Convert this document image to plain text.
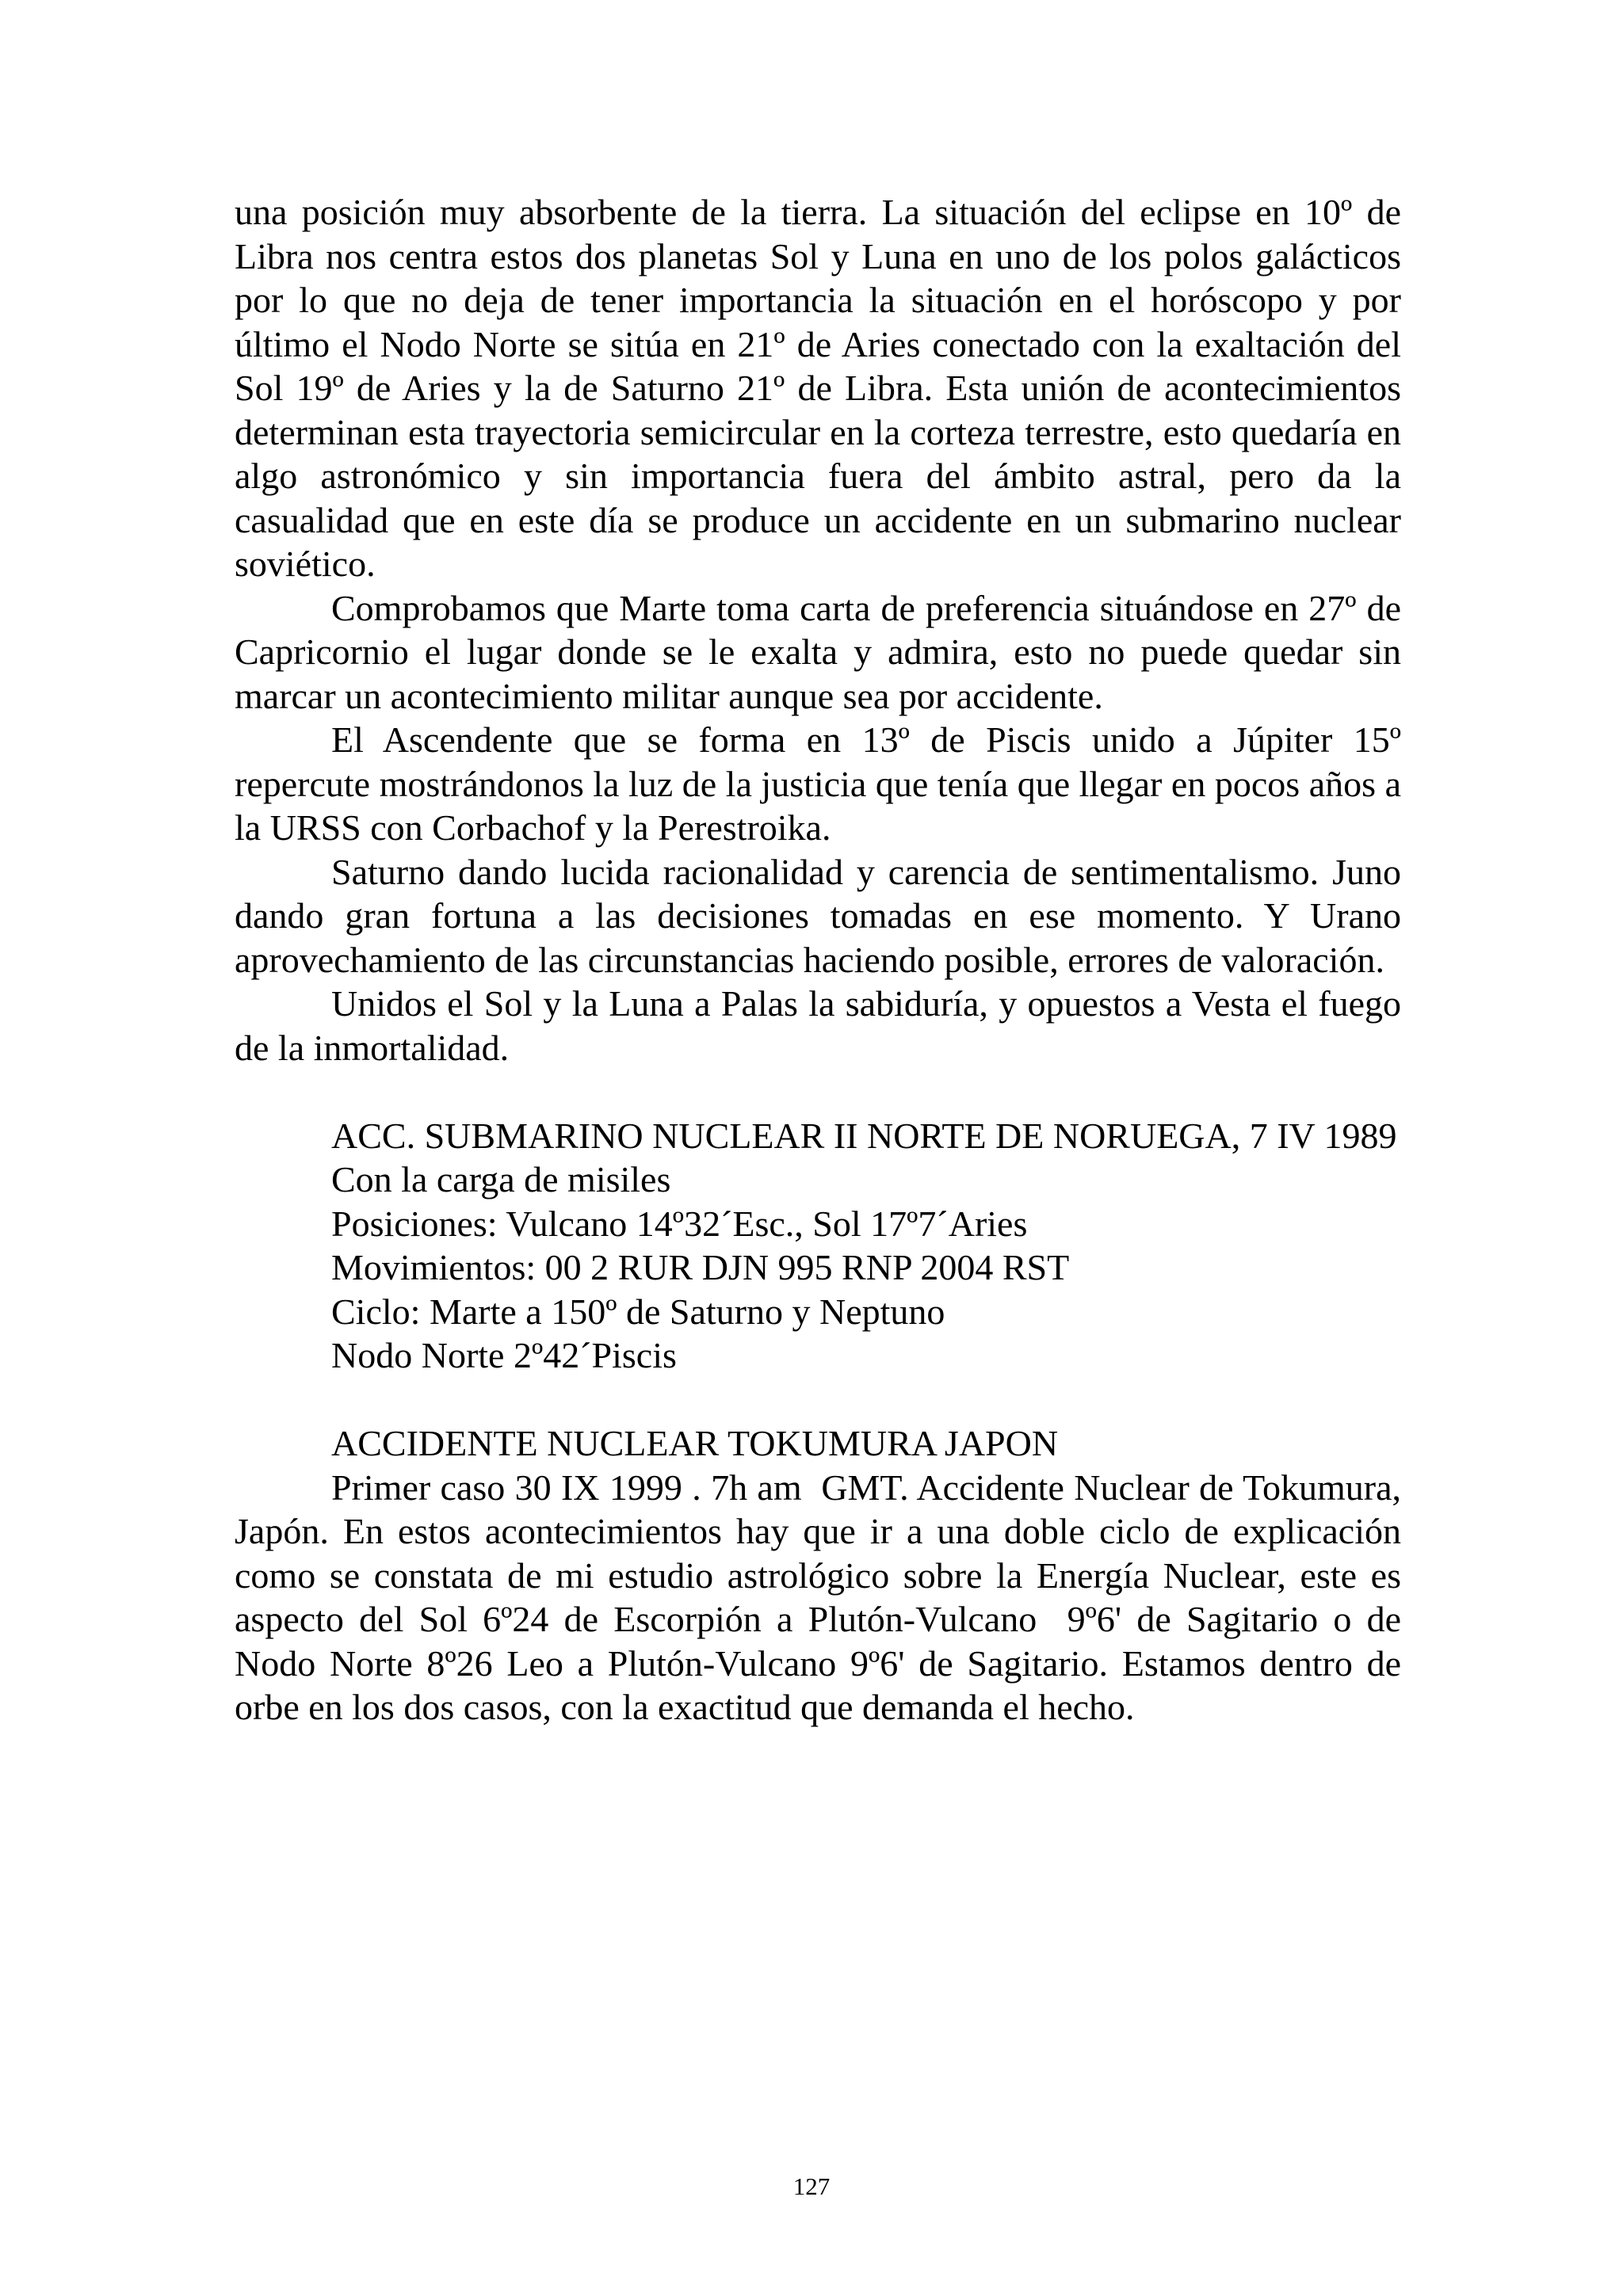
una posición muy absorbente de la tierra. La situación del eclipse en 10º de Libra nos centra estos dos planetas Sol y Luna en uno de los polos galácticos por lo que no deja de tener importancia la situación en el horóscopo y por último el Nodo Norte se sitúa en 21º de Aries conectado con la exaltación del Sol 19º de Aries y la de Saturno 21º de Libra. Esta unión de acontecimientos determinan esta trayectoria semicircular en la corteza terrestre, esto quedaría en algo astronómico y sin importancia fuera del ámbito astral, pero da la casualidad que en este día se produce un accidente en un submarino nuclear soviético.

Comprobamos que Marte toma carta de preferencia situándose en 27º de Capricornio el lugar donde se le exalta y admira, esto no puede quedar sin marcar un acontecimiento militar aunque sea por accidente.

El Ascendente que se forma en 13º de Piscis unido a Júpiter 15º repercute mostrándonos la luz de la justicia que tenía que llegar en pocos años a la URSS con Corbachof y la Perestroika.

Saturno dando lucida racionalidad y carencia de sentimentalismo. Juno dando gran fortuna a las decisiones tomadas en ese momento. Y Urano aprovechamiento de las circunstancias haciendo posible, errores de valoración.

Unidos el Sol y la Luna a Palas la sabiduría, y opuestos a Vesta el fuego de la inmortalidad.

ACC. SUBMARINO NUCLEAR II NORTE DE NORUEGA, 7 IV 1989

Con la carga de misiles

Posiciones: Vulcano 14º32´Esc., Sol 17º7´Aries

Movimientos: 00 2 RUR DJN 995 RNP 2004 RST

Ciclo: Marte a 150º de Saturno y Neptuno

Nodo Norte 2º42´Piscis

ACCIDENTE NUCLEAR TOKUMURA JAPON

Primer caso 30 IX 1999 . 7h am  GMT. Accidente Nuclear de Tokumura, Japón. En estos acontecimientos hay que ir a una doble ciclo de explicación como se constata de mi estudio astrológico sobre la Energía Nuclear, este es aspecto del Sol 6º24 de Escorpión a Plutón-Vulcano  9º6' de Sagitario o de Nodo Norte 8º26 Leo a Plutón-Vulcano 9º6' de Sagitario. Estamos dentro de orbe en los dos casos, con la exactitud que demanda el hecho.

127
